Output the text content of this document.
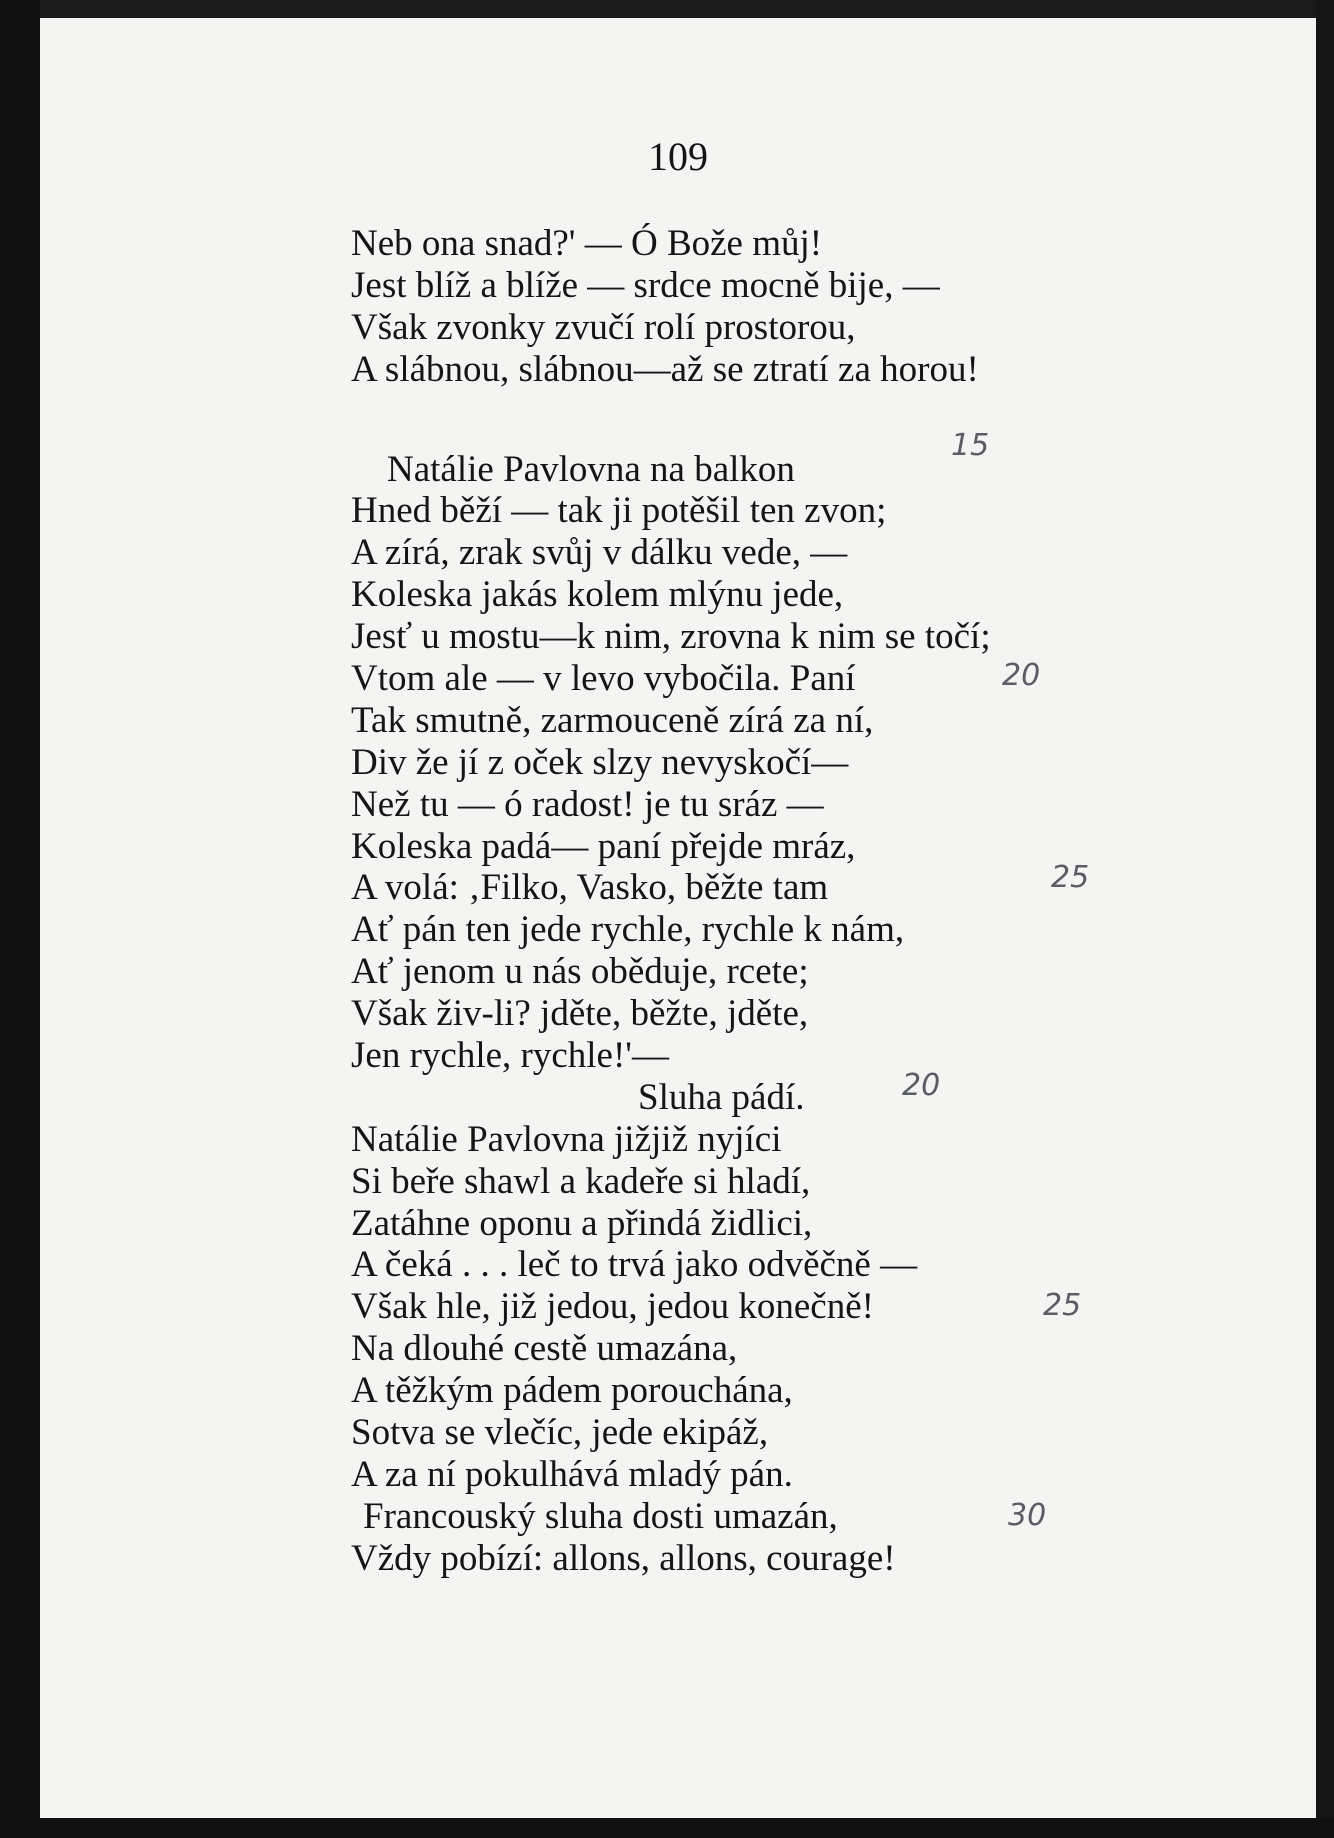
109
Neb ona snad?' — Ó Bože můj!
Jest blíž a blíže — srdce mocně bije, —
Však zvonky zvučí rolí prostorou,
A slábnou, slábnou—až se ztratí za horou!
Natálie Pavlovna na balkon
Hned běží — tak ji potěšil ten zvon;
A zírá, zrak svůj v dálku vede, —
Koleska jakás kolem mlýnu jede,
Jesť u mostu—k nim, zrovna k nim se točí;
Vtom ale — v levo vybočila. Paní
Tak smutně, zarmouceně zírá za ní,
Div že jí z oček slzy nevyskočí—
Než tu — ó radost! je tu sráz —
Koleska padá— paní přejde mráz,
A volá: ‚Filko, Vasko, běžte tam
Ať pán ten jede rychle, rychle k nám,
Ať jenom u nás oběduje, rcete;
Však živ-li? jděte, běžte, jděte,
Jen rychle, rychle!'—
Sluha pádí.
Natálie Pavlovna jižjiž nyjíci
Si beře shawl a kadeře si hladí,
Zatáhne oponu a přindá židlici,
A čeká . . . leč to trvá jako odvěčně —
Však hle, již jedou, jedou konečně!
Na dlouhé cestě umazána,
A těžkým pádem porouchána,
Sotva se vlečíc, jede ekipáž,
A za ní pokulhává mladý pán.
Francouský sluha dosti umazán,
Vždy pobízí: allons, allons, courage!
15
20
25
20
25
30
